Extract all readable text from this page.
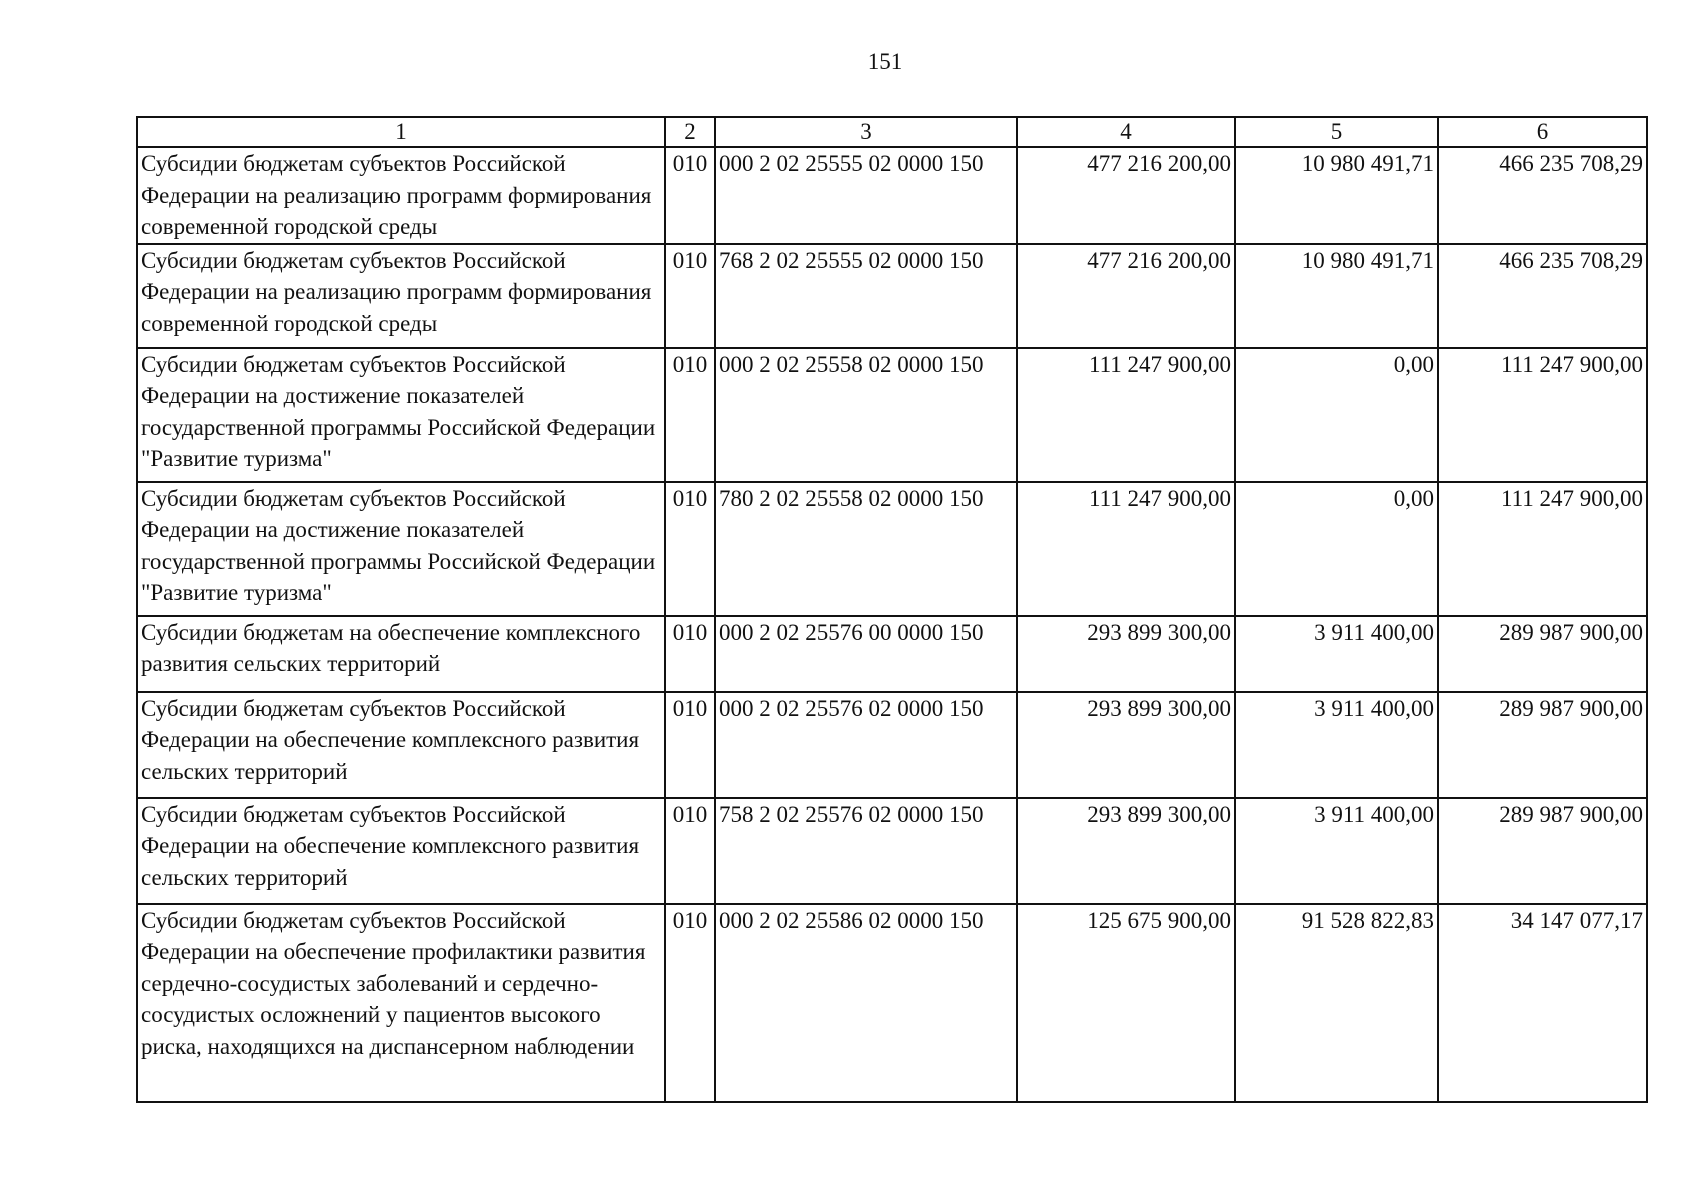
151
1	2	3	4	5	6
Субсидии бюджетам субъектов Российской Федерации на реализацию программ формирования современной городской среды	010	000 2 02 25555 02 0000 150	477 216 200,00	10 980 491,71	466 235 708,29
Субсидии бюджетам субъектов Российской Федерации на реализацию программ формирования современной городской среды	010	768 2 02 25555 02 0000 150	477 216 200,00	10 980 491,71	466 235 708,29
Субсидии бюджетам субъектов Российской Федерации на достижение показателей государственной программы Российской Федерации "Развитие туризма"	010	000 2 02 25558 02 0000 150	111 247 900,00	0,00	111 247 900,00
Субсидии бюджетам субъектов Российской Федерации на достижение показателей государственной программы Российской Федерации "Развитие туризма"	010	780 2 02 25558 02 0000 150	111 247 900,00	0,00	111 247 900,00
Субсидии бюджетам на обеспечение комплексного развития сельских территорий	010	000 2 02 25576 00 0000 150	293 899 300,00	3 911 400,00	289 987 900,00
Субсидии бюджетам субъектов Российской Федерации на обеспечение комплексного развития сельских территорий	010	000 2 02 25576 02 0000 150	293 899 300,00	3 911 400,00	289 987 900,00
Субсидии бюджетам субъектов Российской Федерации на обеспечение комплексного развития сельских территорий	010	758 2 02 25576 02 0000 150	293 899 300,00	3 911 400,00	289 987 900,00
Субсидии бюджетам субъектов Российской Федерации на обеспечение профилактики развития сердечно-сосудистых заболеваний и сердечно-сосудистых осложнений у пациентов высокого риска, находящихся на диспансерном наблюдении	010	000 2 02 25586 02 0000 150	125 675 900,00	91 528 822,83	34 147 077,17
